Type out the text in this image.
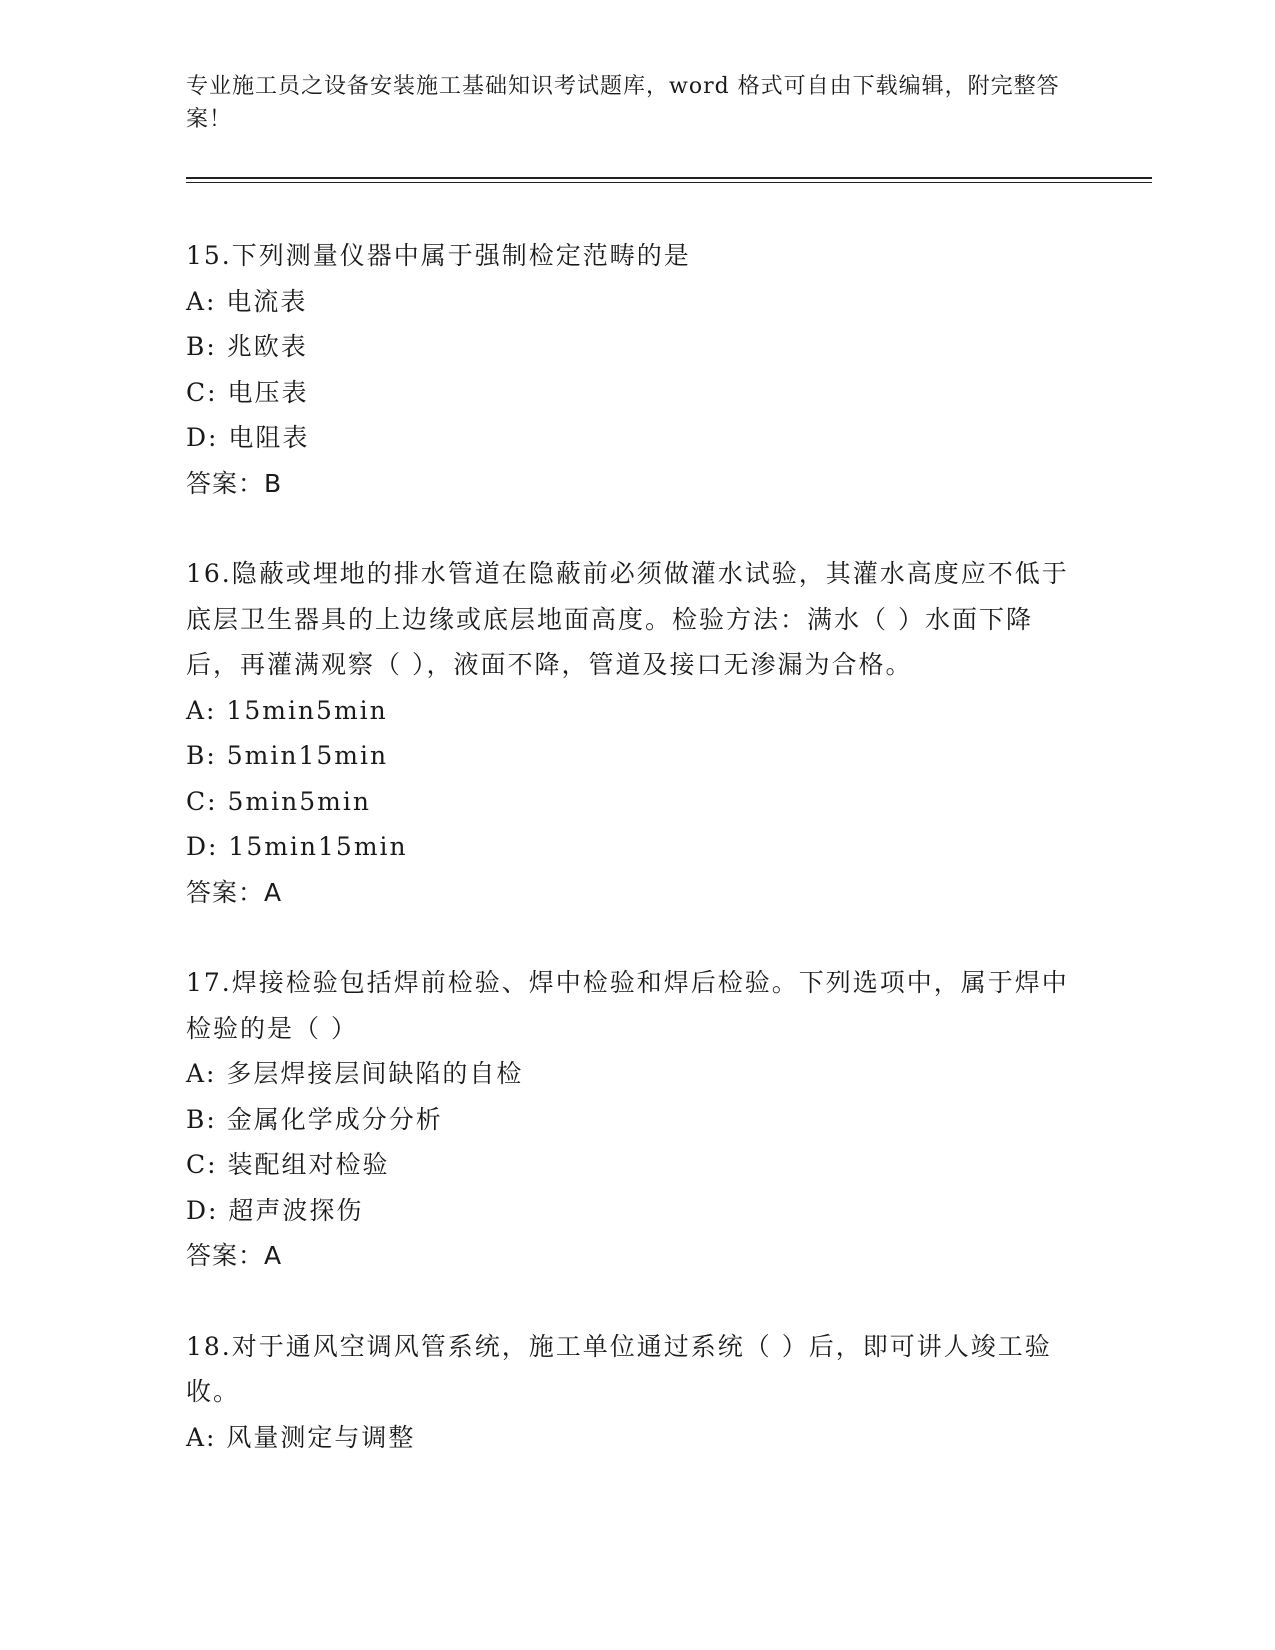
专业施工员之设备安装施工基础知识考试题库，word 格式可自由下载编辑，附完整答案！
15.下列测量仪器中属于强制检定范畴的是
A: 电流表
B: 兆欧表
C: 电压表
D: 电阻表
答案：B
16.隐蔽或埋地的排水管道在隐蔽前必须做灌水试验，其灌水高度应不低于底层卫生器具的上边缘或底层地面高度。检验方法：满水（ ）水面下降后，再灌满观察（ ），液面不降，管道及接口无渗漏为合格。
A: 15min5min
B: 5min15min
C: 5min5min
D: 15min15min
答案：A
17.焊接检验包括焊前检验、焊中检验和焊后检验。下列选项中，属于焊中检验的是（ ）
A: 多层焊接层间缺陷的自检
B: 金属化学成分分析
C: 装配组对检验
D: 超声波探伤
答案：A
18.对于通风空调风管系统，施工单位通过系统（ ）后，即可讲人竣工验收。
A: 风量测定与调整
